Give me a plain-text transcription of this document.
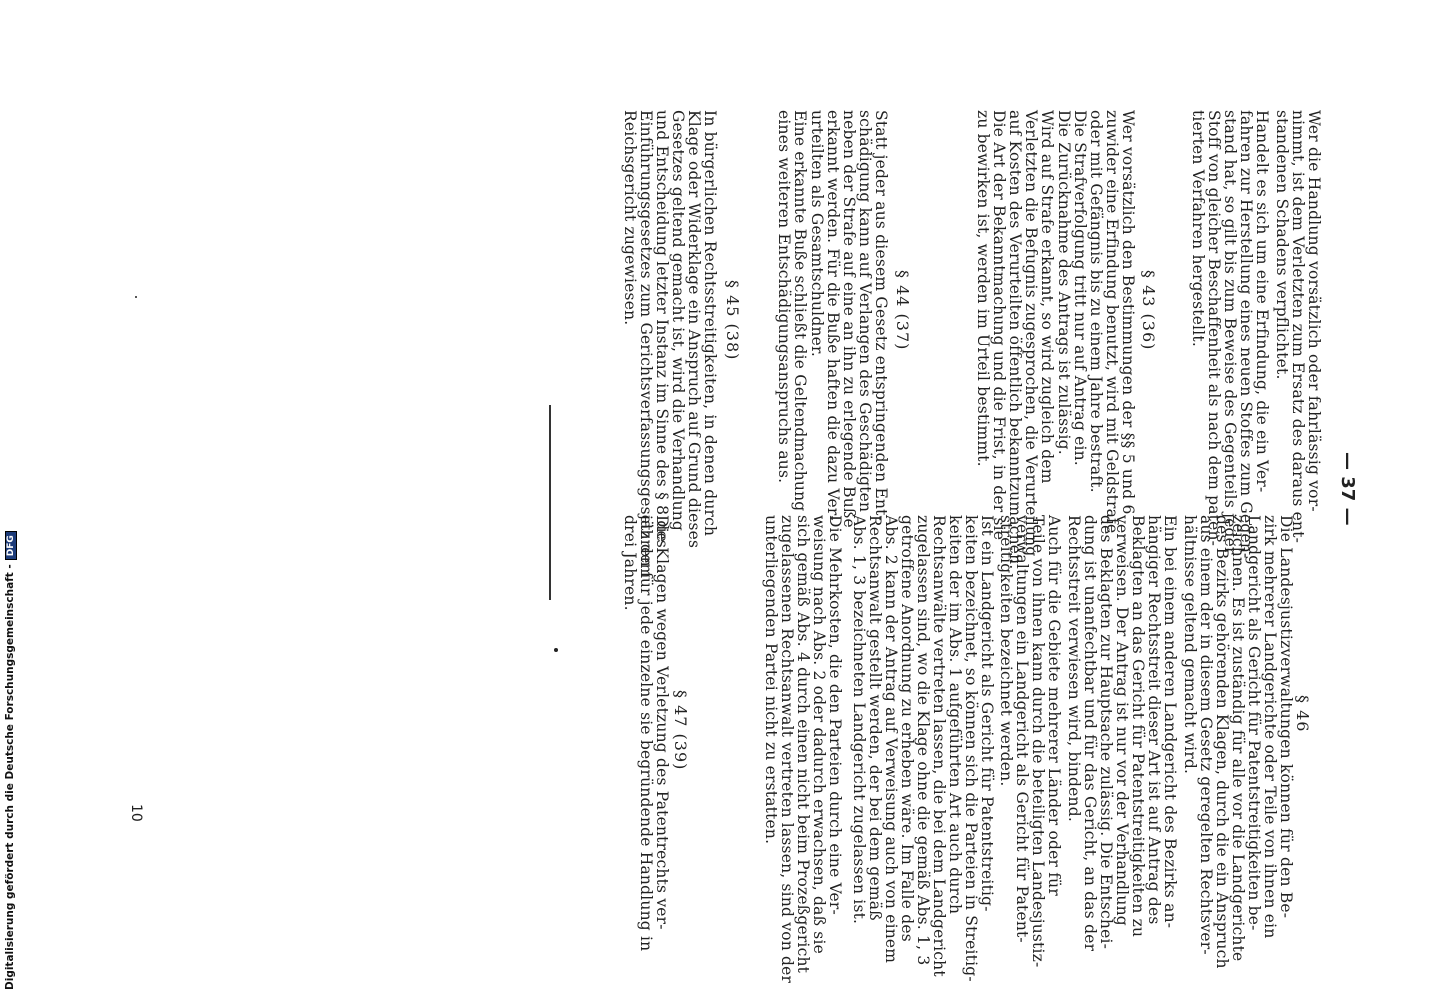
— 37 —
Wer die Handlung vorsätzlich oder fahrlässig vor-
nimmt, ist dem Verletzten zum Ersatz des daraus ent-
standenen Schadens verpflichtet.
Handelt es sich um eine Erfindung, die ein Ver-
fahren zur Herstellung eines neuen Stoffes zum Gegen-
stand hat, so gilt bis zum Beweise des Gegenteils jeder
Stoff von gleicher Beschaffenheit als nach dem paten-
tierten Verfahren hergestellt.
§ 43 (36)
Wer vorsätzlich den Bestimmungen der §§ 5 und 6
zuwider eine Erfindung benutzt, wird mit Geldstrafe
oder mit Gefängnis bis zu einem Jahre bestraft.
Die Strafverfolgung tritt nur auf Antrag ein.
Die Zurücknahme des Antrags ist zulässig.
Wird auf Strafe erkannt, so wird zugleich dem
Verletzten die Befugnis zugesprochen, die Verurteilung
auf Kosten des Verurteilten öffentlich bekanntzumachen.
Die Art der Bekanntmachung und die Frist, in der sie
zu bewirken ist, werden im Urteil bestimmt.
§ 44 (37)
Statt jeder aus diesem Gesetz entspringenden Ent-
schädigung kann auf Verlangen des Geschädigten
neben der Strafe auf eine an ihn zu erlegende Buße
erkannt werden. Für die Buße haften die dazu Ver-
urteilten als Gesamtschuldner.
Eine erkannte Buße schließt die Geltendmachung
eines weiteren Entschädigungsanspruchs aus.
§ 45 (38)
In bürgerlichen Rechtsstreitigkeiten, in denen durch
Klage oder Widerklage ein Anspruch auf Grund dieses
Gesetzes geltend gemacht ist, wird die Verhandlung
und Entscheidung letzter Instanz im Sinne des § 8 des
Einführungsgesetzes zum Gerichtsverfassungsgesetz dem
Reichsgericht zugewiesen.
§ 46
Die Landesjustizverwaltungen können für den Be-
zirk mehrerer Landgerichte oder Teile von ihnen ein
Landgericht als Gericht für Patentstreitigkeiten be-
zeichnen. Es ist zuständig für alle vor die Landgerichte
des Bezirks gehörenden Klagen, durch die ein Anspruch
aus einem der in diesem Gesetz geregelten Rechtsver-
hältnisse geltend gemacht wird.
Ein bei einem anderen Landgericht des Bezirks an-
hängiger Rechtsstreit dieser Art ist auf Antrag des
Beklagten an das Gericht für Patentstreitigkeiten zu
verweisen. Der Antrag ist nur vor der Verhandlung
des Beklagten zur Hauptsache zulässig. Die Entschei-
dung ist unanfechtbar und für das Gericht, an das der
Rechtsstreit verwiesen wird, bindend.
Auch für die Gebiete mehrerer Länder oder für
Teile von ihnen kann durch die beteiligten Landesjustiz-
verwaltungen ein Landgericht als Gericht für Patent-
streitigkeiten bezeichnet werden.
Ist ein Landgericht als Gericht für Patentstreitig-
keiten bezeichnet, so können sich die Parteien in Streitig-
keiten der im Abs. 1 aufgeführten Art auch durch
Rechtsanwälte vertreten lassen, die bei dem Landgericht
zugelassen sind, wo die Klage ohne die gemäß Abs. 1, 3
getroffene Anordnung zu erheben wäre. Im Falle des
Abs. 2 kann der Antrag auf Verweisung auch von einem
Rechtsanwalt gestellt werden, der bei dem gemäß
Abs. 1, 3 bezeichneten Landgericht zugelassen ist.
Die Mehrkosten, die den Parteien durch eine Ver-
weisung nach Abs. 2 oder dadurch erwachsen, daß sie
sich gemäß Abs. 4 durch einen nicht beim Prozeßgericht
zugelassenen Rechtsanwalt vertreten lassen, sind von der
unterliegenden Partei nicht zu erstatten.
§ 47 (39)
Die Klagen wegen Verletzung des Patentrechts ver-
jähren für jede einzelne sie begründende Handlung in
drei Jahren.
10
Digitalisierung gefördert durch die Deutsche Forschungsgemeinschaft -DFG
